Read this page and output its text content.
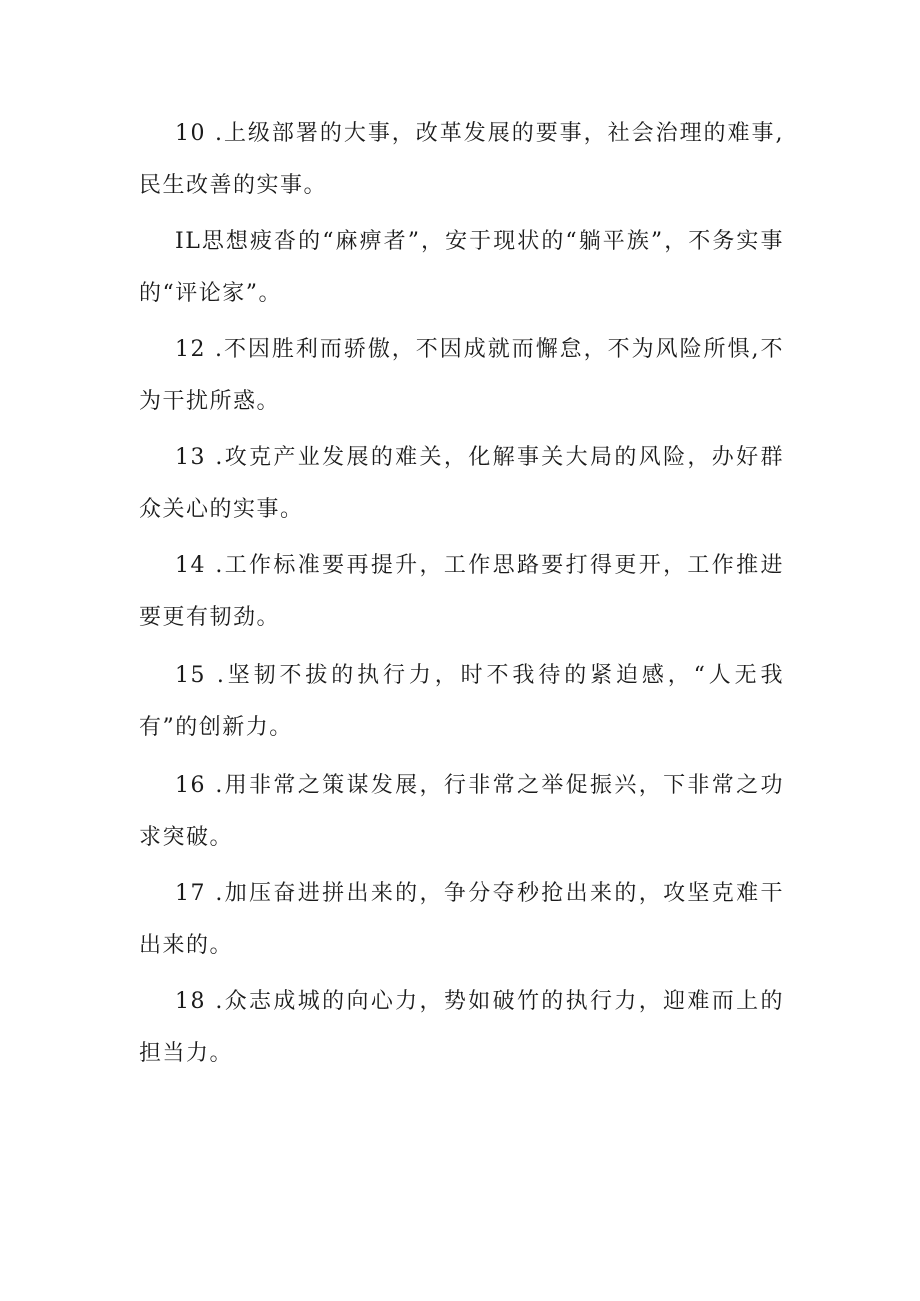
10 .上级部署的大事，改革发展的要事，社会治理的难事,民生改善的实事。

IL思想疲沓的“麻痹者”，安于现状的“躺平族”，不务实事的“评论家”。

12 .不因胜利而骄傲，不因成就而懈怠，不为风险所惧,不为干扰所惑。

13 .攻克产业发展的难关，化解事关大局的风险，办好群众关心的实事。

14 .工作标准要再提升，工作思路要打得更开，工作推进要更有韧劲。

15 .坚韧不拔的执行力，时不我待的紧迫感，“人无我有”的创新力。

16 .用非常之策谋发展，行非常之举促振兴，下非常之功求突破。

17 .加压奋进拼出来的，争分夺秒抢出来的，攻坚克难干出来的。

18 .众志成城的向心力，势如破竹的执行力，迎难而上的担当力。
